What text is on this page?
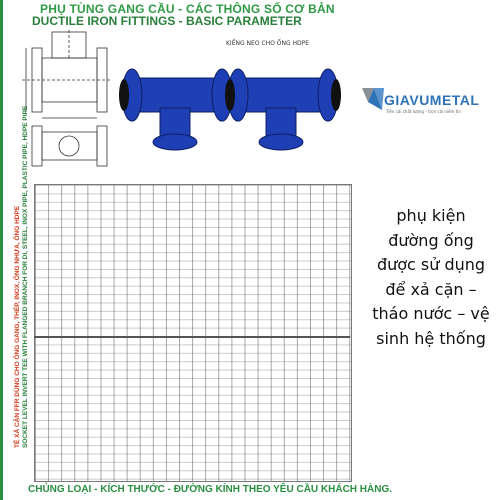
PHỤ TÙNG GANG CẦU - CÁC THÔNG SỐ CƠ BẢN
DUCTILE IRON FITTINGS - BASIC PARAMETER
KIỀNG NEO CHO ỐNG HDPE
TÊ XẢ CẶN FFR DÙNG CHO ỐNG GANG, THÉP, INOX, ỐNG NHỰA, ỐNG HDPE SOCKET LEVEL INVERT TEE WITH FLANGED BRANCH FOR DI, STEEL, INOX PIPE, PLASTIC PIPE, HDPE PIPE
CHỦNG LOẠI - KÍCH THƯỚC - ĐƯỜNG KÍNH THEO YÊU CẦU KHÁCH HÀNG.
GIAVUMETAL
Tiên cái chất lượng - trọn cái niềm tin
phụ kiện đường ống được sử dụng để xả cặn – tháo nước – vệ sinh hệ thống
